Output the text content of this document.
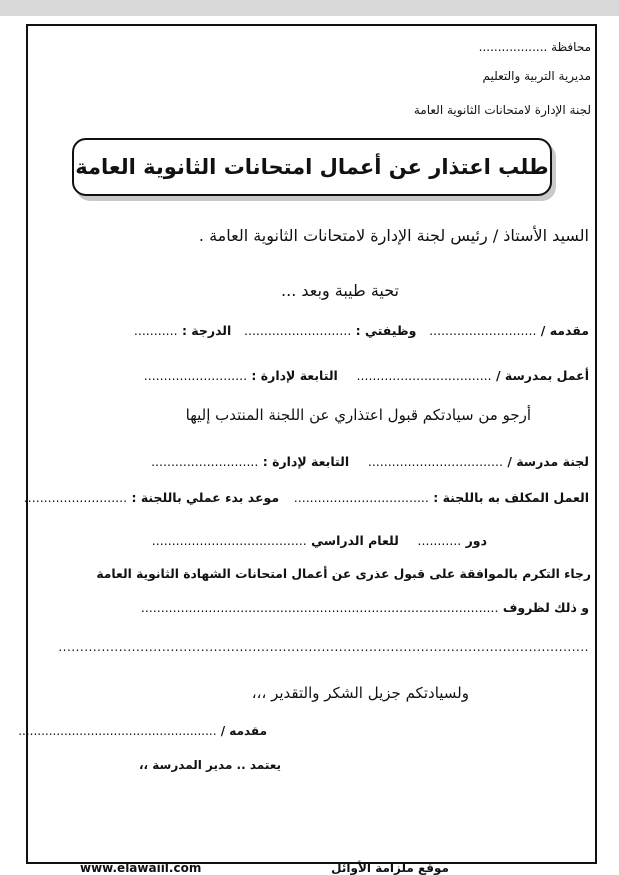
محافظة ..................
مديرية التربية والتعليم
لجنة الإدارة لامتحانات الثانوية العامة
طلب اعتذار عن أعمال امتحانات الثانوية العامة
السيد الأستاذ / رئيس لجنة الإدارة لامتحانات الثانوية العامة .
تحية طيبة وبعد ...
مقدمه / ...........................  وظيفتي : ...........................  الدرجة : ...........
أعمل بمدرسة / ..................................  التابعة لإدارة : ..........................
أرجو من سيادتكم قبول اعتذاري عن اللجنة المنتدب إليها
لجنة مدرسة / ..................................  التابعة لإدارة : ...........................
العمل المكلف به باللجنة : ..................................  موعد بدء عملي باللجنة : ..........................
دور ...........  للعام الدراسي .......................................
رجاء التكرم بالموافقة على قبول عذرى عن أعمال امتحانات الشهادة الثانوية العامة
و ذلك لظروف ..........................................................................................
...........................................................................................................................
ولسيادتكم جزيل الشكر والتقدير ،،،
مقدمه / ....................................................
يعتمد .. مدير المدرسة ،،
www.elawaiil.com	موقع ملزامة الأوائل
